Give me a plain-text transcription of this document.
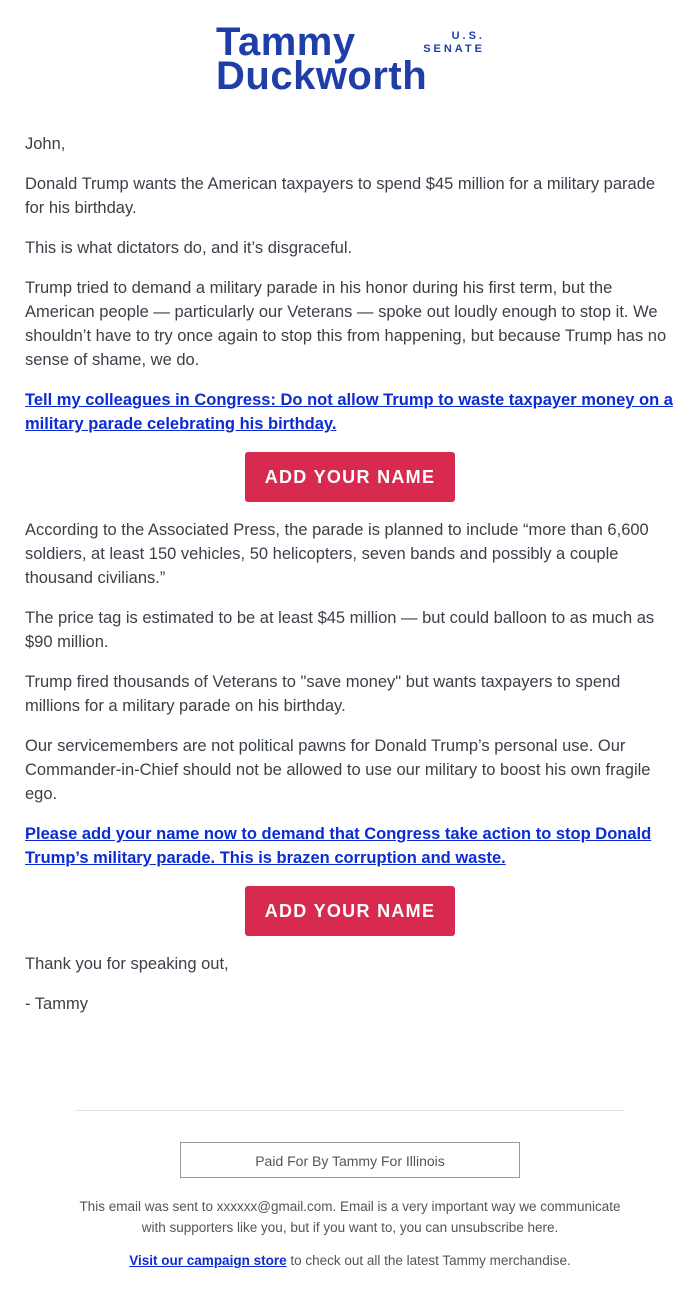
Tammy
Duckworth
U.S.
SENATE

John,

Donald Trump wants the American taxpayers to spend $45 million for a military parade for his birthday.

This is what dictators do, and it’s disgraceful.

Trump tried to demand a military parade in his honor during his first term, but the American people — particularly our Veterans — spoke out loudly enough to stop it. We shouldn’t have to try once again to stop this from happening, but because Trump has no sense of shame, we do.

Tell my colleagues in Congress: Do not allow Trump to waste taxpayer money on a military parade celebrating his birthday.
ADD YOUR NAME

According to the Associated Press, the parade is planned to include “more than 6,600 soldiers, at least 150 vehicles, 50 helicopters, seven bands and possibly a couple thousand civilians.”

The price tag is estimated to be at least $45 million — but could balloon to as much as $90 million.

Trump fired thousands of Veterans to "save money" but wants taxpayers to spend millions for a military parade on his birthday.

Our servicemembers are not political pawns for Donald Trump’s personal use. Our Commander-in-Chief should not be allowed to use our military to boost his own fragile ego.

Please add your name now to demand that Congress take action to stop Donald Trump’s military parade. This is brazen corruption and waste.
ADD YOUR NAME

Thank you for speaking out,

- Tammy

Paid For By Tammy For Illinois
This email was sent to xxxxxx@gmail.com. Email is a very important way we communicate with supporters like you, but if you want to, you can unsubscribe here.
Visit our campaign store to check out all the latest Tammy merchandise.
